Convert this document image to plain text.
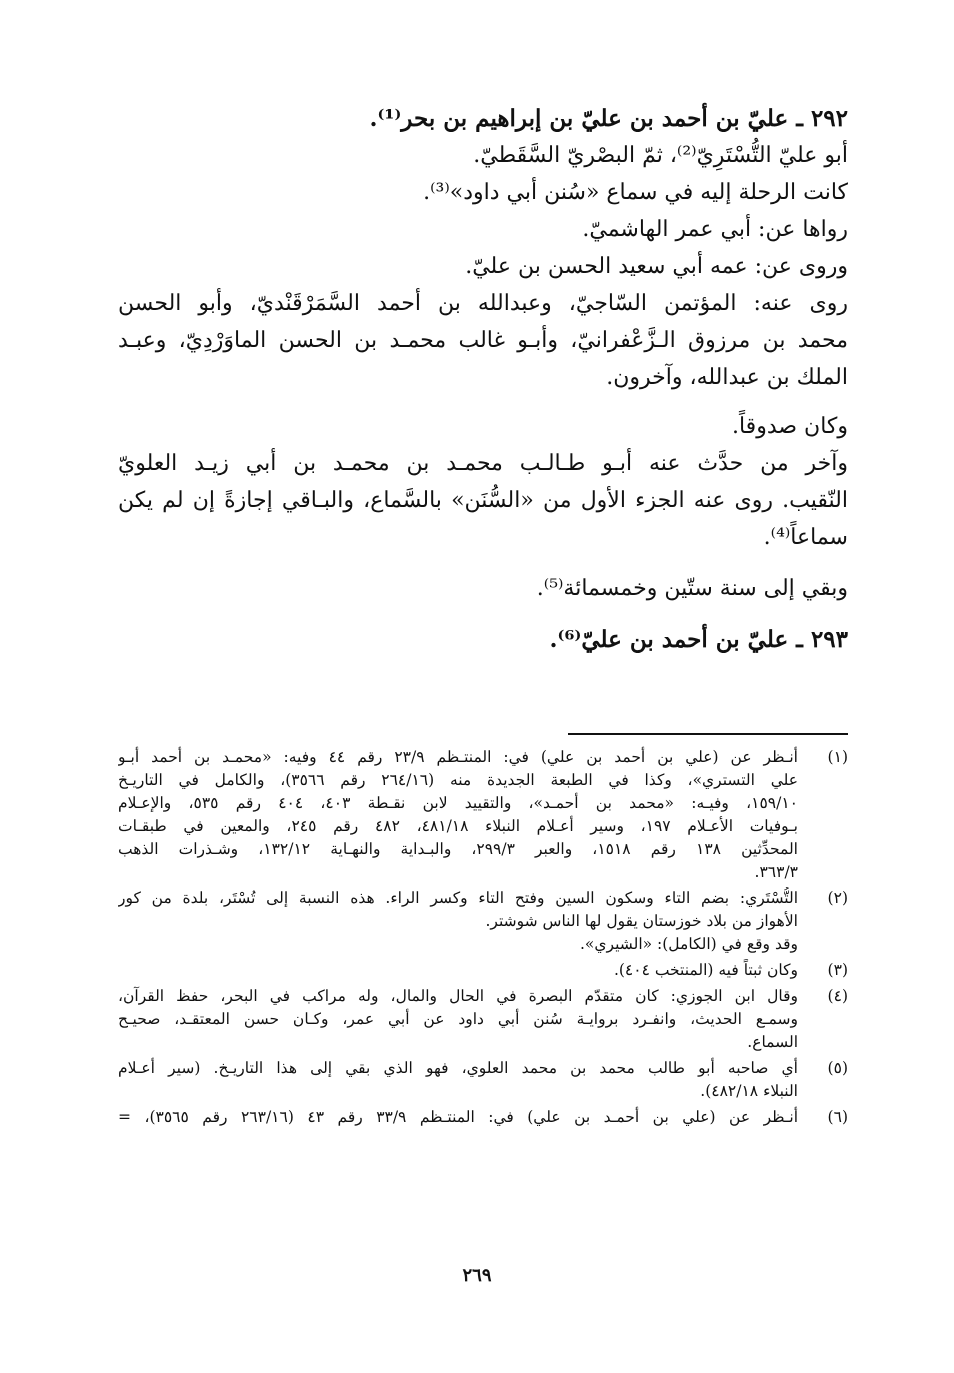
٢٩٢ ـ عليّ بن أحمد بن عليّ بن إبراهيم بن بحر⁽¹⁾.
أبو عليّ التُّسْتَرِيّ⁽²⁾، ثمّ البصْريّ السَّقَطيّ.
كانت الرحلة إليه في سماع «سُنن أبي داود»⁽³⁾.
رواها عن: أبي عمر الهاشميّ.
وروى عن: عمه أبي سعيد الحسن بن عليّ.
روى عنه: المؤتمن السّاجيّ، وعبدالله بن أحمد السَّمَرْقَنْديّ، وأبو الحسن
محمد بن مرزوق الـزَّعْفرانيّ، وأبـو غالب محمـد بن الحسن الماوَرْدِيّ، وعبـد
الملك بن عبدالله، وآخرون.
وكان صدوقاً.
وآخر من حدَّث عنه أبـو طـالـب محمـد بن محمـد بن أبي زيـد العلويّ
النّقيب. روى عنه الجزء الأول من «السُّنَن» بالسَّماع، والبـاقي إجازةً إن لم يكن
سماعاً⁽⁴⁾.
وبقي إلى سنة ستّين وخمسمائة⁽⁵⁾.
٢٩٣ ـ عليّ بن أحمد بن عليّ⁽⁶⁾.
(١)
أنـظر عن (علي بن أحمد بن علي) في: المنتـظم ٢٣/٩ رقم ٤٤ وفيه: «محمـد بن أحمد أبـو
علي التستري»، وكذا في الطبعة الجديدة منه (٢٦٤/١٦ رقم ٣٥٦٦)، والكامل في التاريـخ
١٥٩/١٠، وفيـه: «محمد بن أحمـد»، والتقييد لابن نقـطة ٤٠٣، ٤٠٤ رقم ٥٣٥، والإعـلام
بـوفيات الأعـلام ١٩٧، وسير أعـلام النبلاء ٤٨١/١٨، ٤٨٢ رقم ٢٤٥، والمعين في طبقـات
المحدِّثين ١٣٨ رقم ١٥١٨، والعبر ٢٩٩/٣، والبـداية والنهـاية ١٣٢/١٢، وشـذرات الذهب
٣٦٣/٣.
(٢)
التُّسْتَري: بضم التاء وسكون السين وفتح التاء وكسر الراء. هذه النسبة إلى تُسْتَر، بلدة من كور
الأهواز من بلاد خوزستان يقول لها الناس شوشتر.
وقد وقع في (الكامل): «الشيري».
(٣)
وكان ثبتاً فيه (المنتخب ٤٠٤).
(٤)
وقال ابن الجوزي: كان متقدّم البصرة في الحال والمال، وله مراكب في البحر، حفظ القرآن،
وسمـع الحديث، وانفـرد بروايـة سُنن أبي داود عن أبي عمر، وكـان حسن المعتقـد، صحيـح
السماع.
(٥)
أي صاحبه أبو طالب محمد بن محمد العلوي، فهو الذي بقي إلى هذا التاريـخ. (سير أعـلام
النبلاء ٤٨٢/١٨).
(٦)
أنـظر عن (علي بن أحمـد بن علي) في: المنتـظم ٣٣/٩ رقم ٤٣ (٢٦٣/١٦ رقم ٣٥٦٥)، =
٢٦٩
